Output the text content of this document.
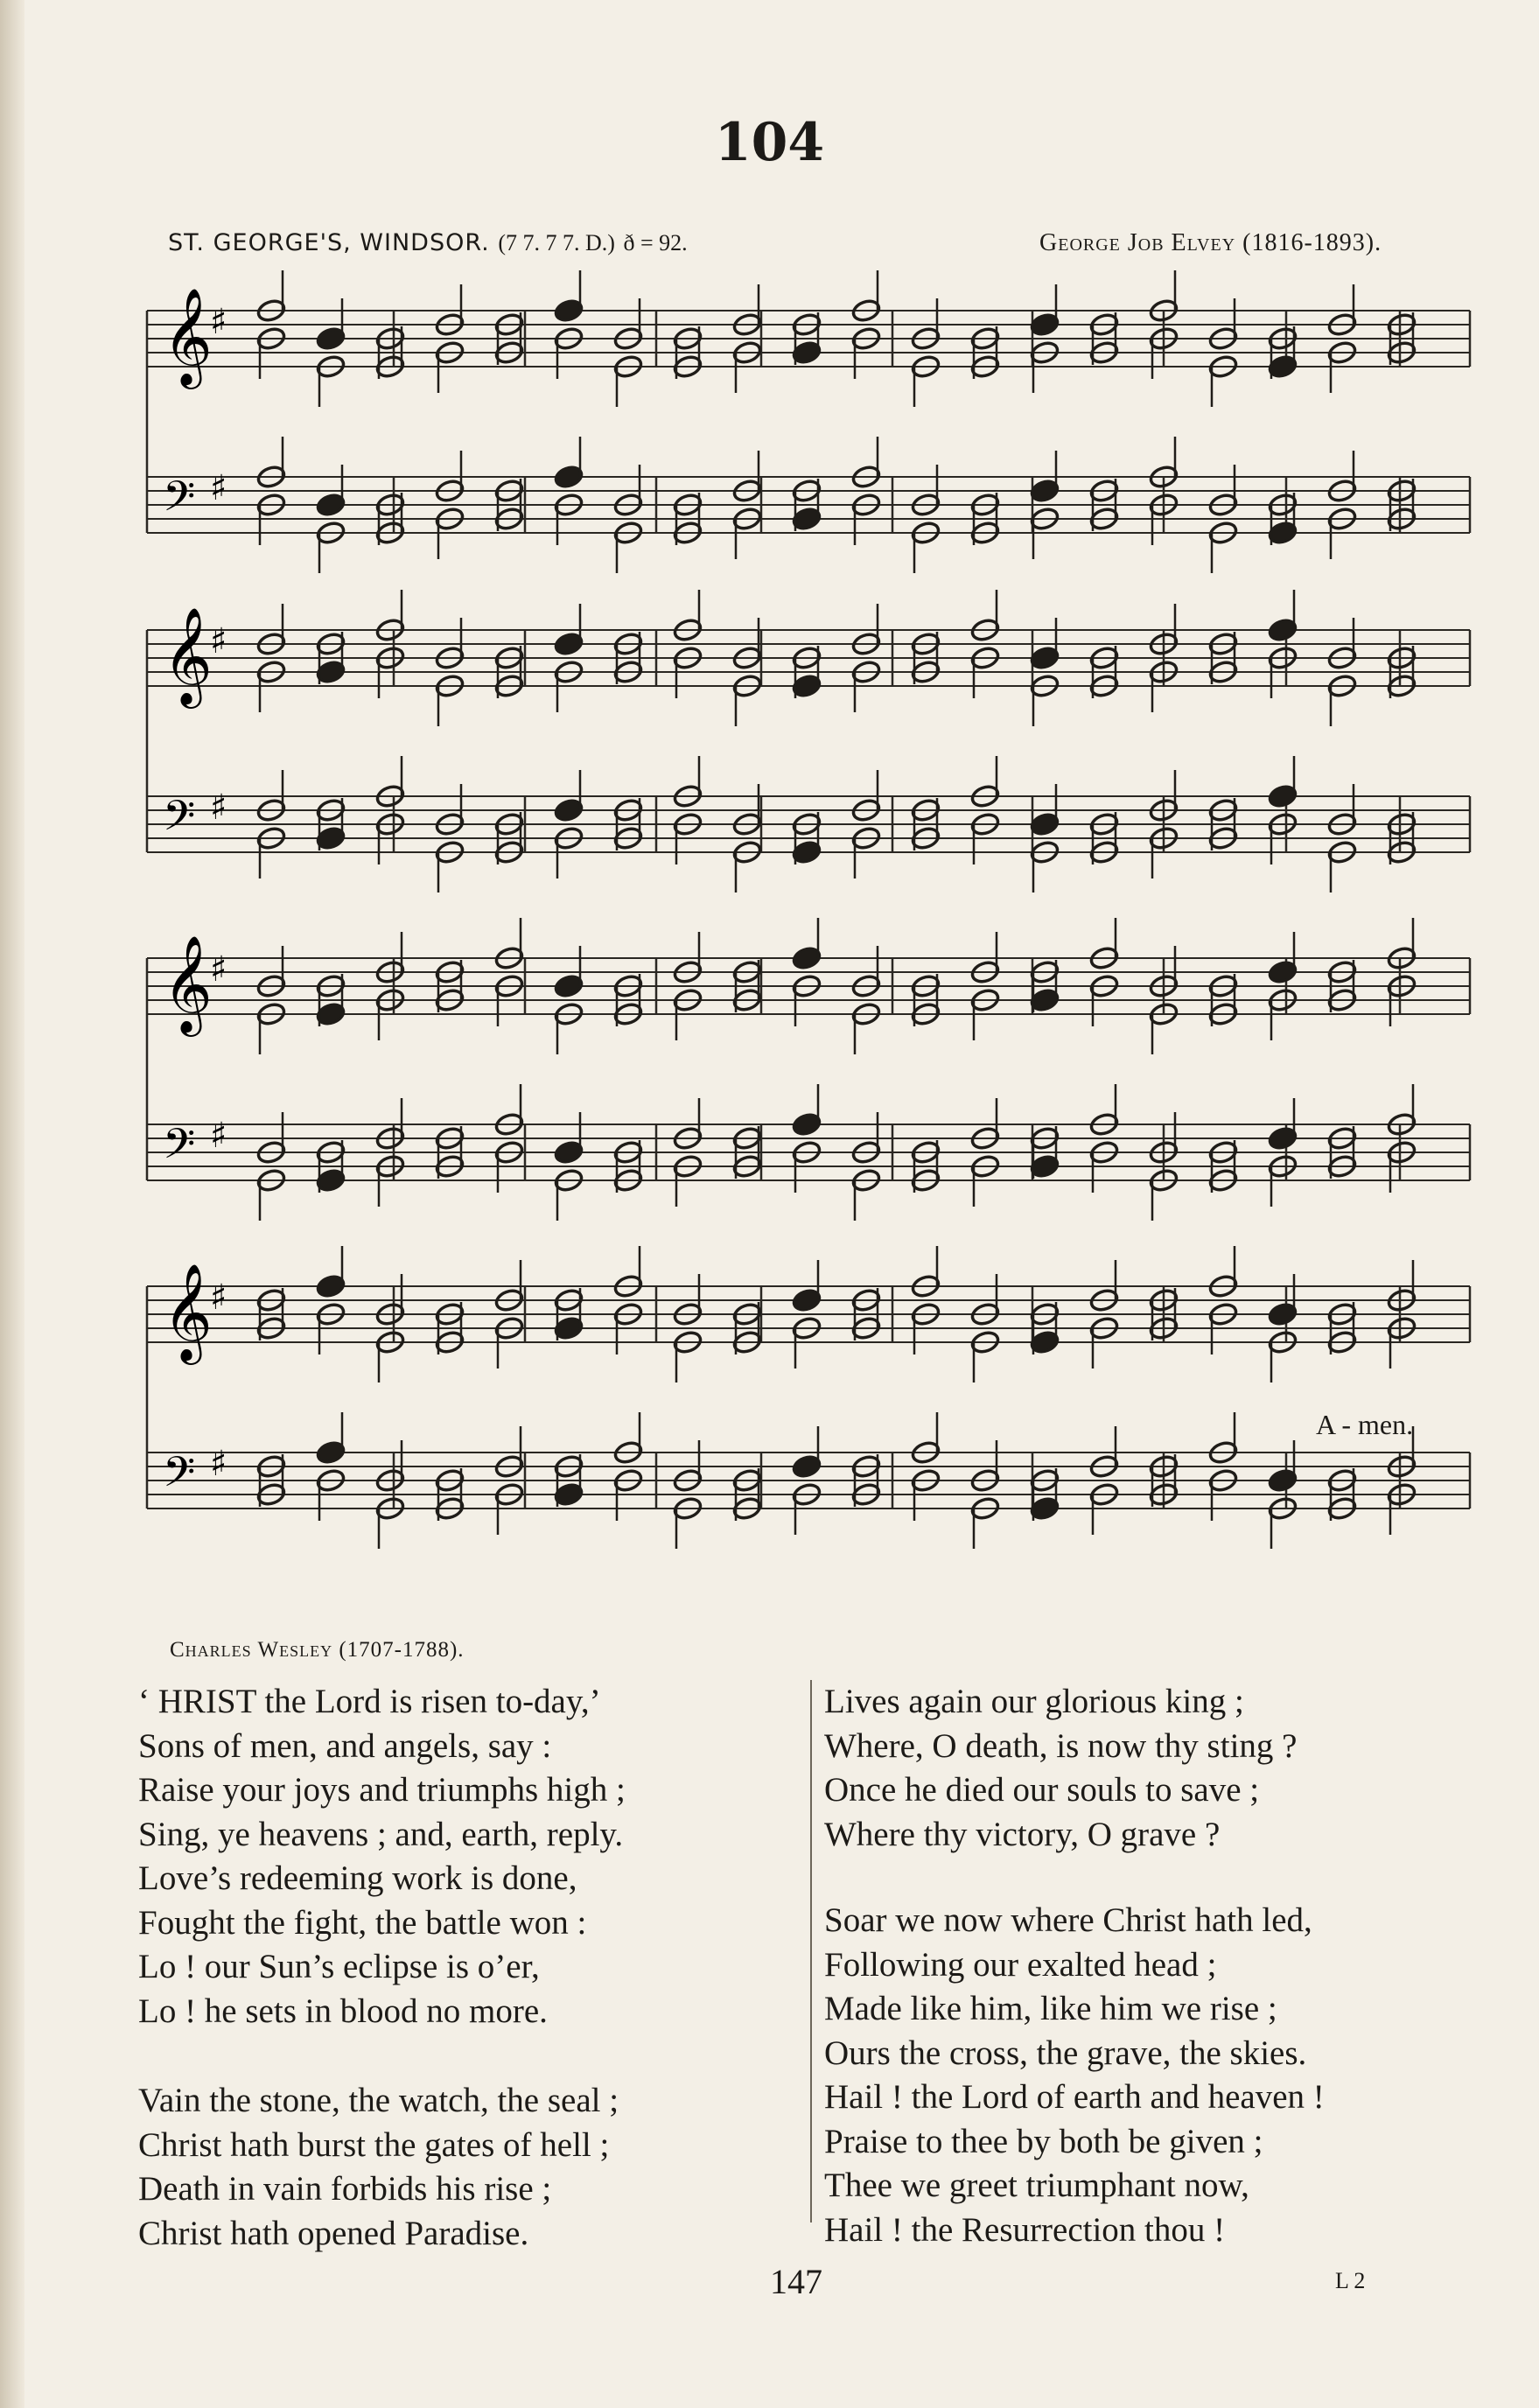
104
ST. GEORGE'S, WINDSOR. (7 7. 7 7. D.) ð = 92.	George Job Elvey (1816-1893).
𝄞
♯
𝄢 ♯
𝄞
♯
𝄢 ♯
𝄞
♯
𝄢 ♯
𝄞
♯
𝄢 ♯
A - men.
Charles Wesley (1707-1788).
‘ HRIST the Lord is risen to-day,’
Sons of men, and angels, say :
Raise your joys and triumphs high ;
Sing, ye heavens ; and, earth, reply.
Love’s redeeming work is done,
Fought the fight, the battle won :
Lo ! our Sun’s eclipse is o’er,
Lo ! he sets in blood no more.
Vain the stone, the watch, the seal ;
Christ hath burst the gates of hell ;
Death in vain forbids his rise ;
Christ hath opened Paradise.
Lives again our glorious king ;
Where, O death, is now thy sting ?
Once he died our souls to save ;
Where thy victory, O grave ?
Soar we now where Christ hath led,
Following our exalted head ;
Made like him, like him we rise ;
Ours the cross, the grave, the skies.
Hail ! the Lord of earth and heaven !
Praise to thee by both be given ;
Thee we greet triumphant now,
Hail ! the Resurrection thou !
147	L 2
